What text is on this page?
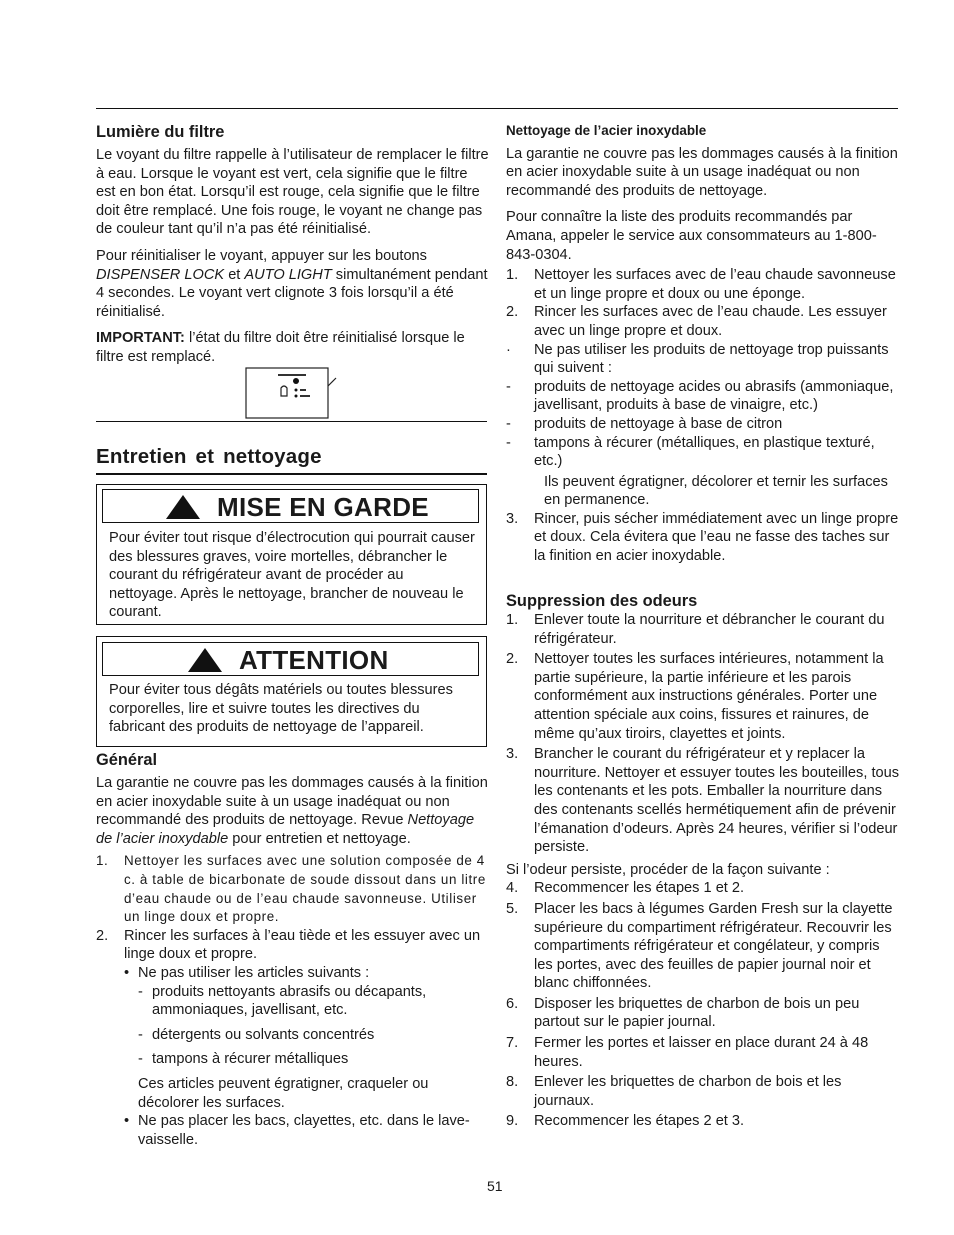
Lumière du filtre

Le voyant du filtre rappelle à l’utilisateur de remplacer le filtre à eau. Lorsque le voyant est vert, cela signifie que le filtre est en bon état. Lorsqu’il est rouge, cela signifie que le filtre doit être remplacé. Une fois rouge, le voyant ne change pas de couleur tant qu’il n’a pas été réinitialisé.

Pour réinitialiser le voyant, appuyer sur les boutons DISPENSER LOCK et AUTO LIGHT simultanément pendant 4 secondes. Le voyant vert clignote 3 fois lorsqu’il a été réinitialisé.

IMPORTANT: l’état du filtre doit être réinitialisé lorsque le filtre est remplacé.

Entretien et nettoyage
MISE EN GARDE
Pour éviter tout risque d’électrocution qui pourrait causer des blessures graves, voire mortelles, débrancher le courant du réfrigérateur avant de procéder au nettoyage. Après le nettoyage, brancher de nouveau le courant.
ATTENTION
Pour éviter tous dégâts matériels ou toutes blessures corporelles, lire et suivre toutes les directives du fabricant des produits de nettoyage de l’appareil.
Général

La garantie ne couvre pas les dommages causés à la finition en acier inoxydable suite à un usage inadéquat ou non recommandé des produits de nettoyage. Revue Nettoyage de l’acier inoxydable pour entretien et nettoyage.

1. Nettoyer les surfaces avec une solution composée de 4 c. à table de bicarbonate de soude dissout dans un litre d’eau chaude ou de l’eau chaude savonneuse. Utiliser un linge doux et propre.
2. Rincer les surfaces à l’eau tiède et les essuyer avec un linge doux et propre.
• Ne pas utiliser les articles suivants :
- produits nettoyants abrasifs ou décapants, ammoniaques, javellisant, etc.
- détergents ou solvants concentrés
- tampons à récurer métalliques
Ces articles peuvent égratigner, craqueler ou décolorer les surfaces.
• Ne pas placer les bacs, clayettes, etc. dans le lave-vaisselle.
Nettoyage de l’acier inoxydable

La garantie ne couvre pas les dommages causés à la finition en acier inoxydable suite à un usage inadéquat ou non recommandé des produits de nettoyage.

Pour connaître la liste des produits recommandés par Amana, appeler le service aux consommateurs au 1-800-843-0304.

1. Nettoyer les surfaces avec de l’eau chaude savonneuse et un linge propre et doux ou une éponge.
2. Rincer les surfaces avec de l’eau chaude. Les essuyer avec un linge propre et doux.
· Ne pas utiliser les produits de nettoyage trop puissants qui suivent :
- produits de nettoyage acides ou abrasifs (ammoniaque, javellisant, produits à base de vinaigre, etc.)
- produits de nettoyage à base de citron
- tampons à récurer (métalliques, en plastique texturé, etc.)
Ils peuvent égratigner, décolorer et ternir les surfaces en permanence.
3. Rincer, puis sécher immédiatement avec un linge propre et doux. Cela évitera que l’eau ne fasse des taches sur la finition en acier inoxydable.
Suppression des odeurs
1. Enlever toute la nourriture et débrancher le courant du réfrigérateur.
2. Nettoyer toutes les surfaces intérieures, notamment la partie supérieure, la partie inférieure et les parois conformément aux instructions générales. Porter une attention spéciale aux coins, fissures et rainures, de même qu’aux tiroirs, clayettes et joints.
3. Brancher le courant du réfrigérateur et y replacer la nourriture. Nettoyer et essuyer toutes les bouteilles, tous les contenants et les pots. Emballer la nourriture dans des contenants scellés hermétiquement afin de prévenir l’émanation d’odeurs. Après 24 heures, vérifier si l’odeur persiste.

Si l’odeur persiste, procéder de la façon suivante :

4. Recommencer les étapes 1 et 2.
5. Placer les bacs à légumes Garden Fresh sur la clayette supérieure du compartiment réfrigérateur. Recouvrir les compartiments réfrigérateur et congélateur, y compris les portes, avec des feuilles de papier journal noir et blanc chiffonnées.
6. Disposer les briquettes de charbon de bois un peu partout sur le papier journal.
7. Fermer les portes et laisser en place durant 24 à 48 heures.
8. Enlever les briquettes de charbon de bois et les journaux.
9. Recommencer les étapes 2 et 3.
51
